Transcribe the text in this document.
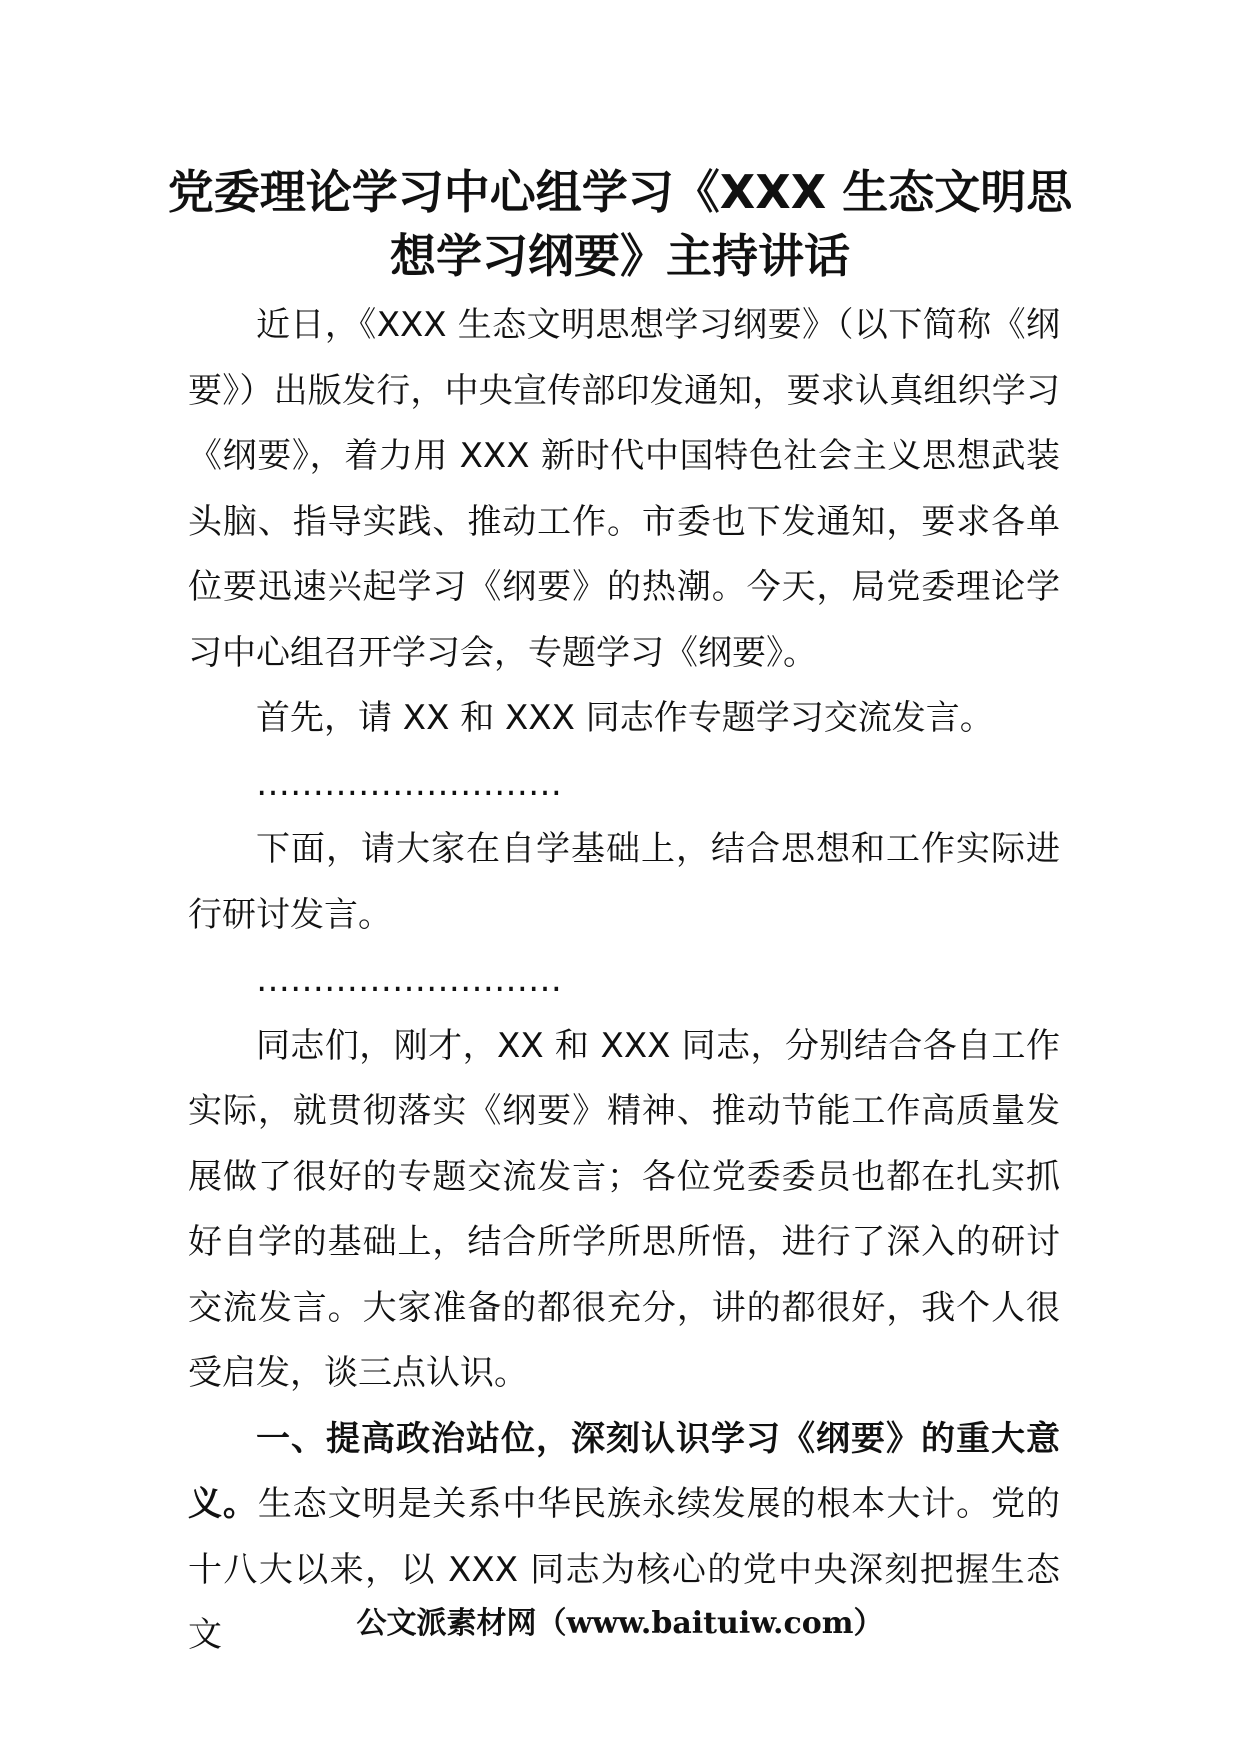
党委理论学习中心组学习《XXX 生态文明思
想学习纲要》主持讲话

近日，《XXX 生态文明思想学习纲要》（以下简称《纲要》）出版发行，中央宣传部印发通知，要求认真组织学习《纲要》，着力用 XXX 新时代中国特色社会主义思想武装头脑、指导实践、推动工作。市委也下发通知，要求各单位要迅速兴起学习《纲要》的热潮。今天，局党委理论学习中心组召开学习会，专题学习《纲要》。

首先，请 XX 和 XXX 同志作专题学习交流发言。

………………………

下面，请大家在自学基础上，结合思想和工作实际进行研讨发言。

………………………

同志们，刚才，XX 和 XXX 同志，分别结合各自工作实际，就贯彻落实《纲要》精神、推动节能工作高质量发展做了很好的专题交流发言；各位党委委员也都在扎实抓好自学的基础上，结合所学所思所悟，进行了深入的研讨交流发言。大家准备的都很充分，讲的都很好，我个人很受启发，谈三点认识。

一、提高政治站位，深刻认识学习《纲要》的重大意义。生态文明是关系中华民族永续发展的根本大计。党的十八大以来，以 XXX 同志为核心的党中央深刻把握生态文	公文派素材网（www.baituiw.com）
